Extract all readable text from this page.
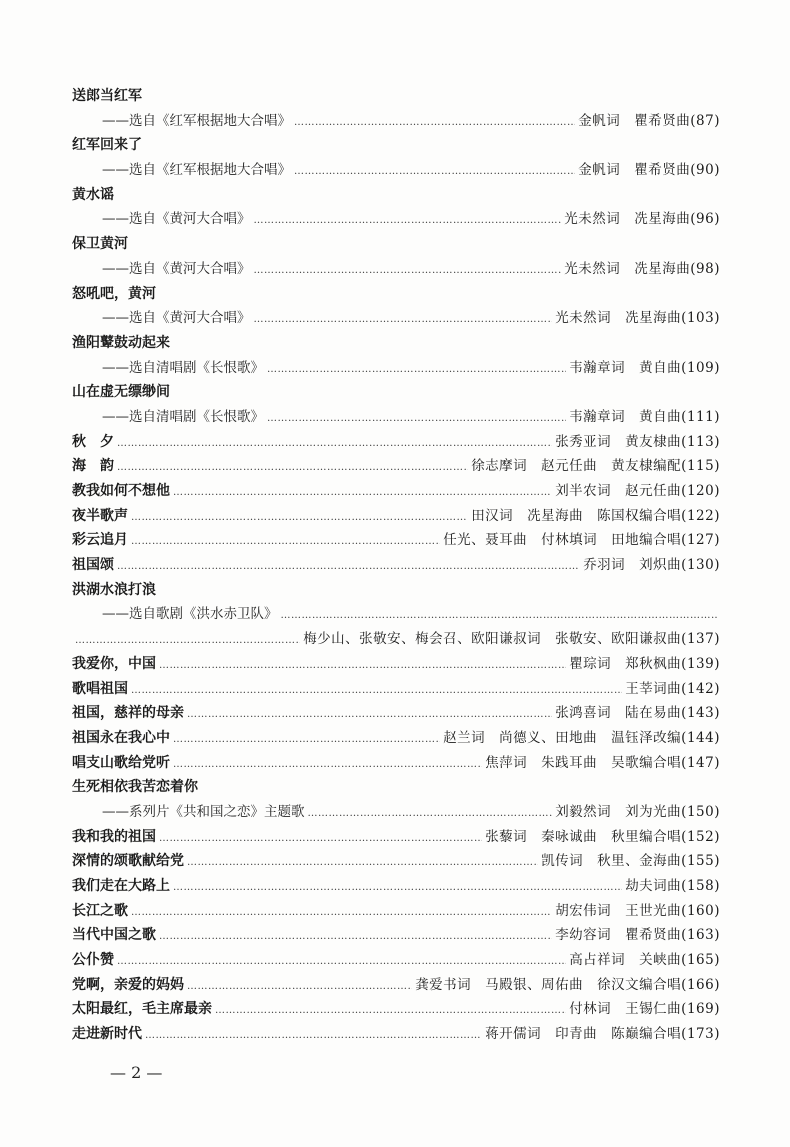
送郎当红军
——选自《红军根据地大合唱》 …………………………………………………………………………………………………………………………………………………………	金帆词　瞿希贤曲(87)
红军回来了
——选自《红军根据地大合唱》 …………………………………………………………………………………………………………………………………………………………	金帆词　瞿希贤曲(90)
黄水谣
——选自《黄河大合唱》 …………………………………………………………………………………………………………………………………………………………	光未然词　冼星海曲(96)
保卫黄河
——选自《黄河大合唱》 …………………………………………………………………………………………………………………………………………………………	光未然词　冼星海曲(98)
怒吼吧，黄河
——选自《黄河大合唱》 …………………………………………………………………………………………………………………………………………………………	光未然词　冼星海曲(103)
渔阳鼙鼓动起来
——选自清唱剧《长恨歌》 …………………………………………………………………………………………………………………………………………………………	韦瀚章词　黄自曲(109)
山在虚无缥缈间
——选自清唱剧《长恨歌》 …………………………………………………………………………………………………………………………………………………………	韦瀚章词　黄自曲(111)
秋　夕 …………………………………………………………………………………………………………………………………………………………	张秀亚词　黄友棣曲(113)
海　韵 …………………………………………………………………………………………………………………………………………………………	徐志摩词　赵元任曲　黄友棣编配(115)
教我如何不想他 …………………………………………………………………………………………………………………………………………………………	刘半农词　赵元任曲(120)
夜半歌声 …………………………………………………………………………………………………………………………………………………………	田汉词　冼星海曲　陈国权编合唱(122)
彩云追月 …………………………………………………………………………………………………………………………………………………………	任光、聂耳曲　付林填词　田地编合唱(127)
祖国颂 …………………………………………………………………………………………………………………………………………………………	乔羽词　刘炽曲(130)
洪湖水浪打浪
——选自歌剧《洪水赤卫队》
…………………………………………………………………………………………………………………………………………………………
…………………………………………………………………………………………………………………………………………………………
梅少山、张敬安、梅会召、欧阳谦叔词　张敬安、欧阳谦叔曲(137)
我爱你，中国 …………………………………………………………………………………………………………………………………………………………	瞿琮词　郑秋枫曲(139)
歌唱祖国 …………………………………………………………………………………………………………………………………………………………	王莘词曲(142)
祖国，慈祥的母亲 …………………………………………………………………………………………………………………………………………………………	张鸿喜词　陆在易曲(143)
祖国永在我心中 …………………………………………………………………………………………………………………………………………………………	赵兰词　尚德义、田地曲　温钰泽改编(144)
唱支山歌给党听 …………………………………………………………………………………………………………………………………………………………	焦萍词　朱践耳曲　吴歌编合唱(147)
生死相依我苦恋着你
——系列片《共和国之恋》主题歌 …………………………………………………………………………………………………………………………………………………………	刘毅然词　刘为光曲(150)
我和我的祖国 …………………………………………………………………………………………………………………………………………………………	张藜词　秦咏诚曲　秋里编合唱(152)
深情的颂歌献给党 …………………………………………………………………………………………………………………………………………………………	凯传词　秋里、金海曲(155)
我们走在大路上 …………………………………………………………………………………………………………………………………………………………	劫夫词曲(158)
长江之歌 …………………………………………………………………………………………………………………………………………………………	胡宏伟词　王世光曲(160)
当代中国之歌 …………………………………………………………………………………………………………………………………………………………	李幼容词　瞿希贤曲(163)
公仆赞 …………………………………………………………………………………………………………………………………………………………	高占祥词　关峡曲(165)
党啊，亲爱的妈妈 …………………………………………………………………………………………………………………………………………………………	龚爱书词　马殿银、周佑曲　徐汉文编合唱(166)
太阳最红，毛主席最亲 …………………………………………………………………………………………………………………………………………………………	付林词　王锡仁曲(169)
走进新时代 …………………………………………………………………………………………………………………………………………………………	蒋开儒词　印青曲　陈巅编合唱(173)
— 2 —
